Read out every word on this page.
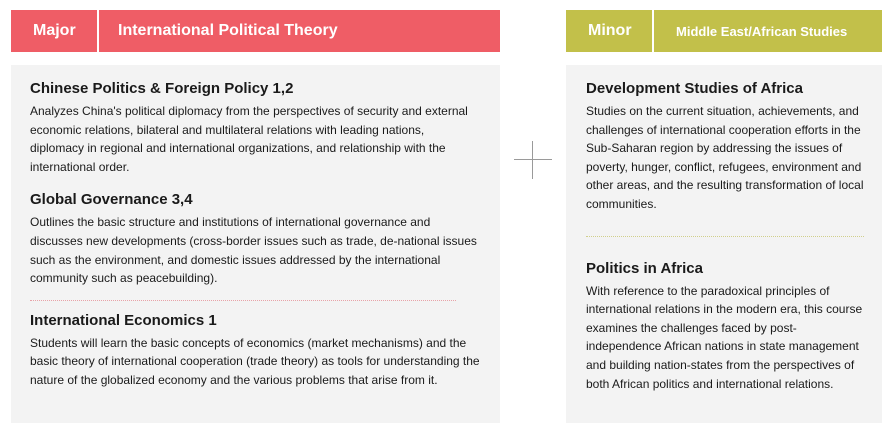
Major	International Political Theory	Minor	Middle East/African Studies
Chinese Politics & Foreign Policy 1,2

Analyzes China's political diplomacy from the perspectives of security and external economic relations, bilateral and multilateral relations with leading nations, diplomacy in regional and international organizations, and relationship with the international order.

Global Governance 3,4

Outlines the basic structure and institutions of international governance and discusses new developments (cross-border issues such as trade, de-national issues such as the environment, and domestic issues addressed by the international community such as peacebuilding).

International Economics 1

Students will learn the basic concepts of economics (market mechanisms) and the basic theory of international cooperation (trade theory) as tools for understanding the nature of the globalized economy and the various problems that arise from it.

Development Studies of Africa

Studies on the current situation, achievements, and challenges of international cooperation efforts in the Sub-Saharan region by addressing the issues of poverty, hunger, conflict, refugees, environment and other areas, and the resulting transformation of local communities.

Politics in Africa

With reference to the paradoxical principles of international relations in the modern era, this course examines the challenges faced by post-independence African nations in state management and building nation-states from the perspectives of both African politics and international relations.
